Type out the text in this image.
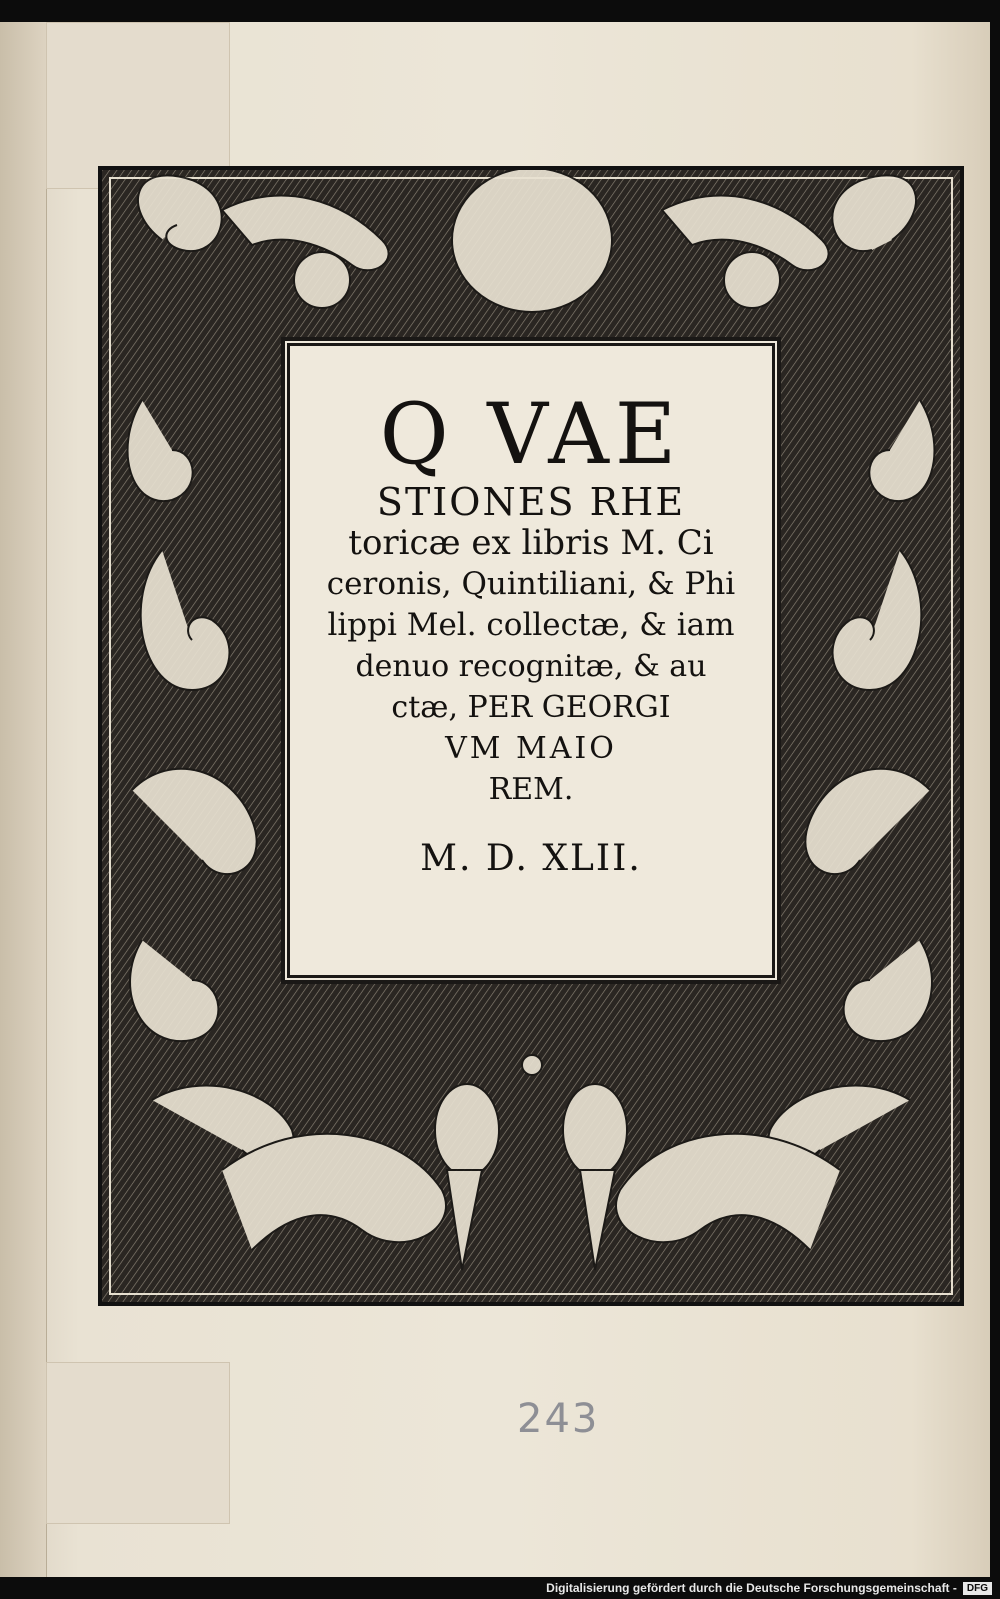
Q VAE

STIONES RHE

toricæ ex libris M. Ci

ceronis, Quintiliani, & Phi

lippi Mel. collectæ, & iam

denuo recognitæ, & au

ctæ, PER GEORGI

VM MAIO

REM.

M. D. XLII.

243
Digitalisierung gefördert durch die Deutsche Forschungsgemeinschaft -	DFG
